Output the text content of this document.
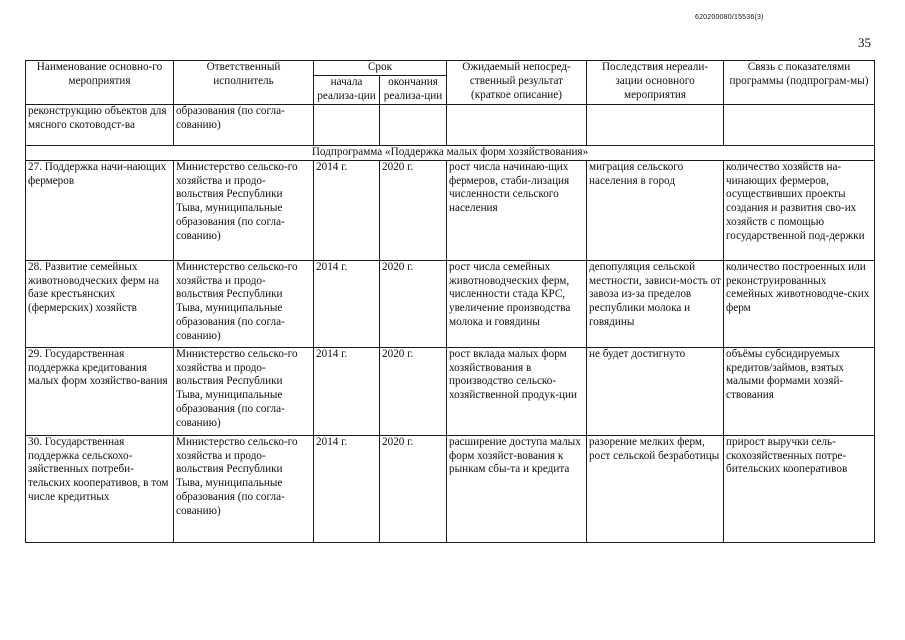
620200080/15536(3)
35
Наименование основно-го мероприятия	Ответственный исполнитель	Срок		Ожидаемый непосред-ственный результат (краткое описание)	Последствия нереали-зации основного мероприятия	Связь с показателями программы (подпрограм-мы)
		начала реализа-ции	окончания реализа-ции			
реконструкцию объектов для мясного скотоводст-ва	образования (по согла-сованию)					
Подпрограмма «Поддержка малых форм хозяйствования»						
27. Поддержка начи-нающих фермеров	Министерство сельско-го хозяйства и продо-вольствия Республики Тыва, муниципальные образования (по согла-сованию)	2014 г.	2020 г.	рост числа начинаю-щих фермеров, стаби-лизация численности сельского населения	миграция сельского населения в город	количество хозяйств на-чинающих фермеров, осуществивших проекты создания и развития сво-их хозяйств с помощью государственной под-держки
28. Развитие семейных животноводческих ферм на базе крестьянских (фермерских) хозяйств	Министерство сельско-го хозяйства и продо-вольствия Республики Тыва, муниципальные образования (по согла-сованию)	2014 г.	2020 г.	рост числа семейных животноводческих ферм, численности стада КРС, увеличение производства молока и говядины	депопуляция сельской местности, зависи-мость от завоза из-за пределов республики молока и говядины	количество построенных или реконструированных семейных животноводче-ских ферм
29. Государственная поддержка кредитования малых форм хозяйство-вания	Министерство сельско-го хозяйства и продо-вольствия Республики Тыва, муниципальные образования (по согла-сованию)	2014 г.	2020 г.	рост вклада малых форм хозяйствования в производство сельско-хозяйственной продук-ции	не будет достигнуто	объёмы субсидируемых кредитов/займов, взятых малыми формами хозяй-ствования
30. Государственная поддержка сельскохо-зяйственных потреби-тельских кооперативов, в том числе кредитных	Министерство сельско-го хозяйства и продо-вольствия Республики Тыва, муниципальные образования (по согла-сованию)	2014 г.	2020 г.	расширение доступа малых форм хозяйст-вования к рынкам сбы-та и кредита	разорение мелких ферм, рост сельской безработицы	прирост выручки сель-скохозяйственных потре-бительских кооперативов
